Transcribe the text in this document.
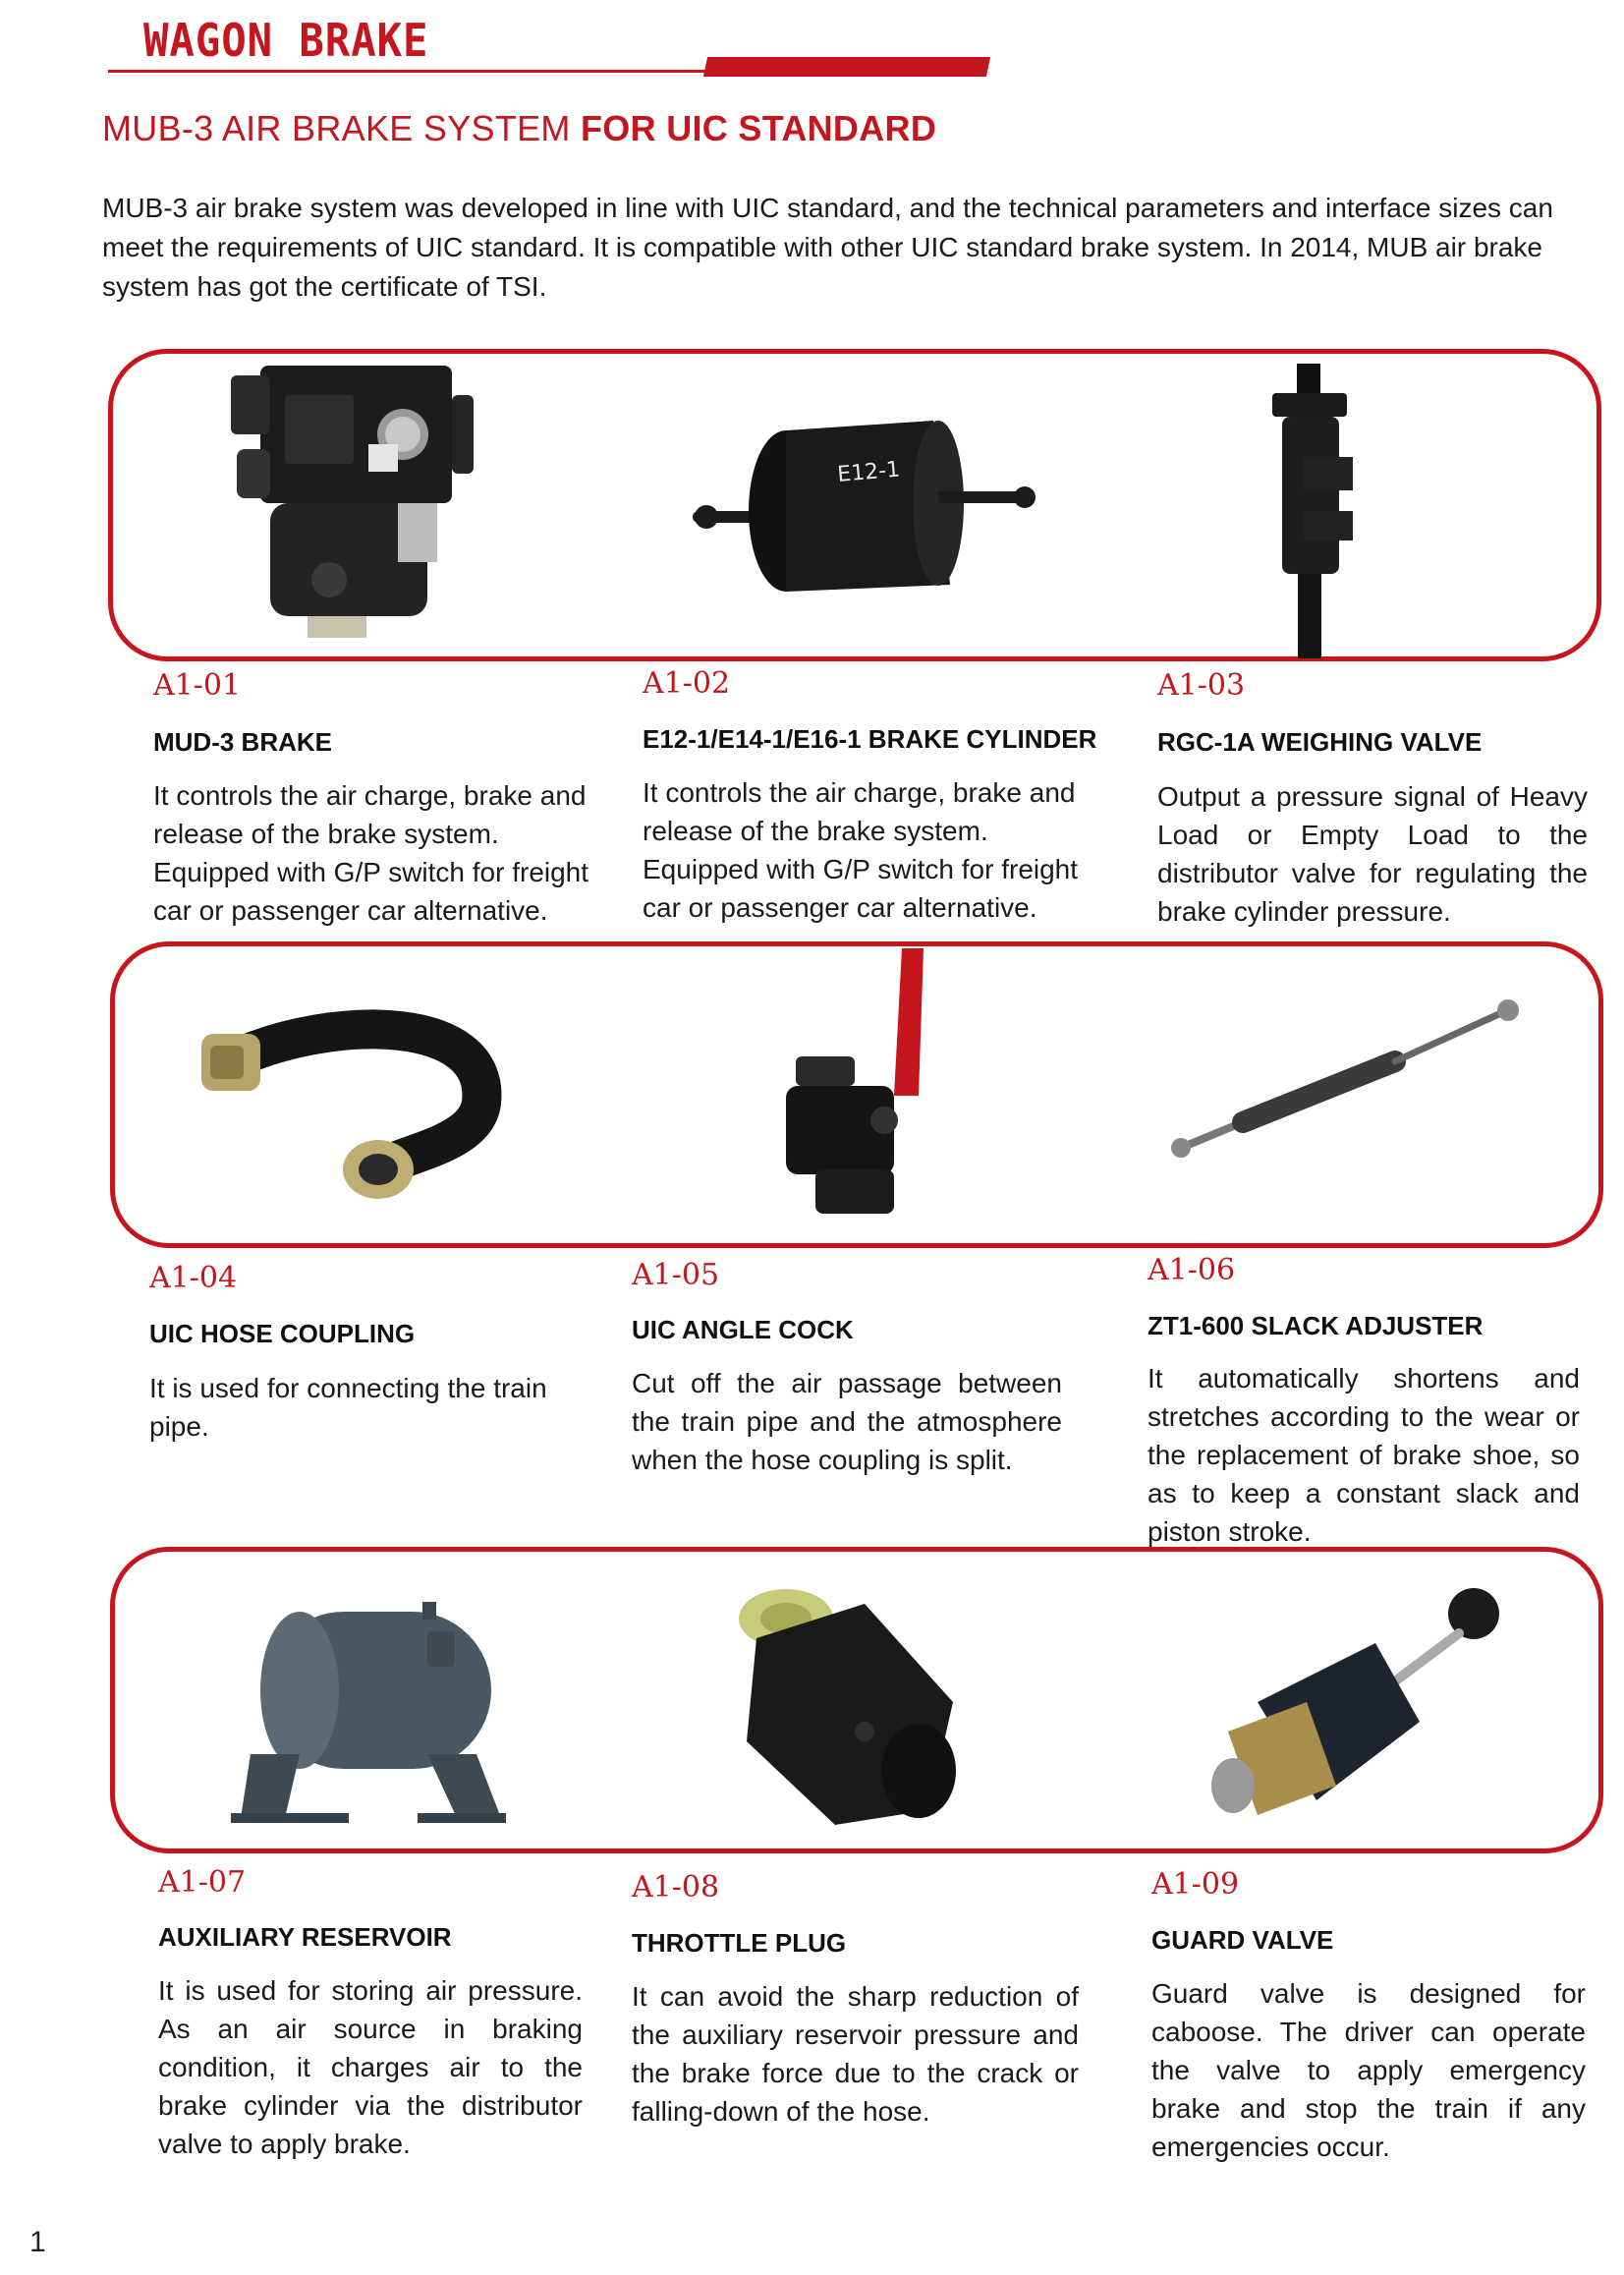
WAGON BRAKE
MUB-3 AIR BRAKE SYSTEM FOR UIC STANDARD
MUB-3 air brake system was developed in line with UIC standard, and the technical parameters and interface sizes can meet the requirements of UIC standard. It is compatible with other UIC standard brake system. In 2014, MUB air brake system has got the certificate of TSI.
E12-1
A1-01
MUD-3 BRAKE
It controls the air charge, brake and release of the brake system. Equipped with G/P switch for freight car or passenger car alternative.
A1-02
E12-1/E14-1/E16-1 BRAKE CYLINDER
It controls the air charge, brake and release of the brake system. Equipped with G/P switch for freight car or passenger car alternative.
A1-03
RGC-1A WEIGHING VALVE
Output a pressure signal of Heavy Load or Empty Load to the distributor valve for regulating the brake cylinder pressure.
A1-04
UIC HOSE COUPLING
It is used for connecting the train pipe.
A1-05
UIC ANGLE COCK
Cut off the air passage between the train pipe and the atmosphere when the hose coupling is split.
A1-06
ZT1-600 SLACK ADJUSTER
It automatically shortens and stretches according to the wear or the replacement of brake shoe, so as to keep a constant slack and piston stroke.
A1-07
AUXILIARY RESERVOIR
It is used for storing air pressure. As an air source in braking condition, it charges air to the brake cylinder via the distributor valve to apply brake.
A1-08
THROTTLE PLUG
It can avoid the sharp reduction of the auxiliary reservoir pressure and the brake force due to the crack or falling-down of the hose.
A1-09
GUARD VALVE
Guard valve is designed for caboose. The driver can operate the valve to apply emergency brake and stop the train if any emergencies occur.
1
